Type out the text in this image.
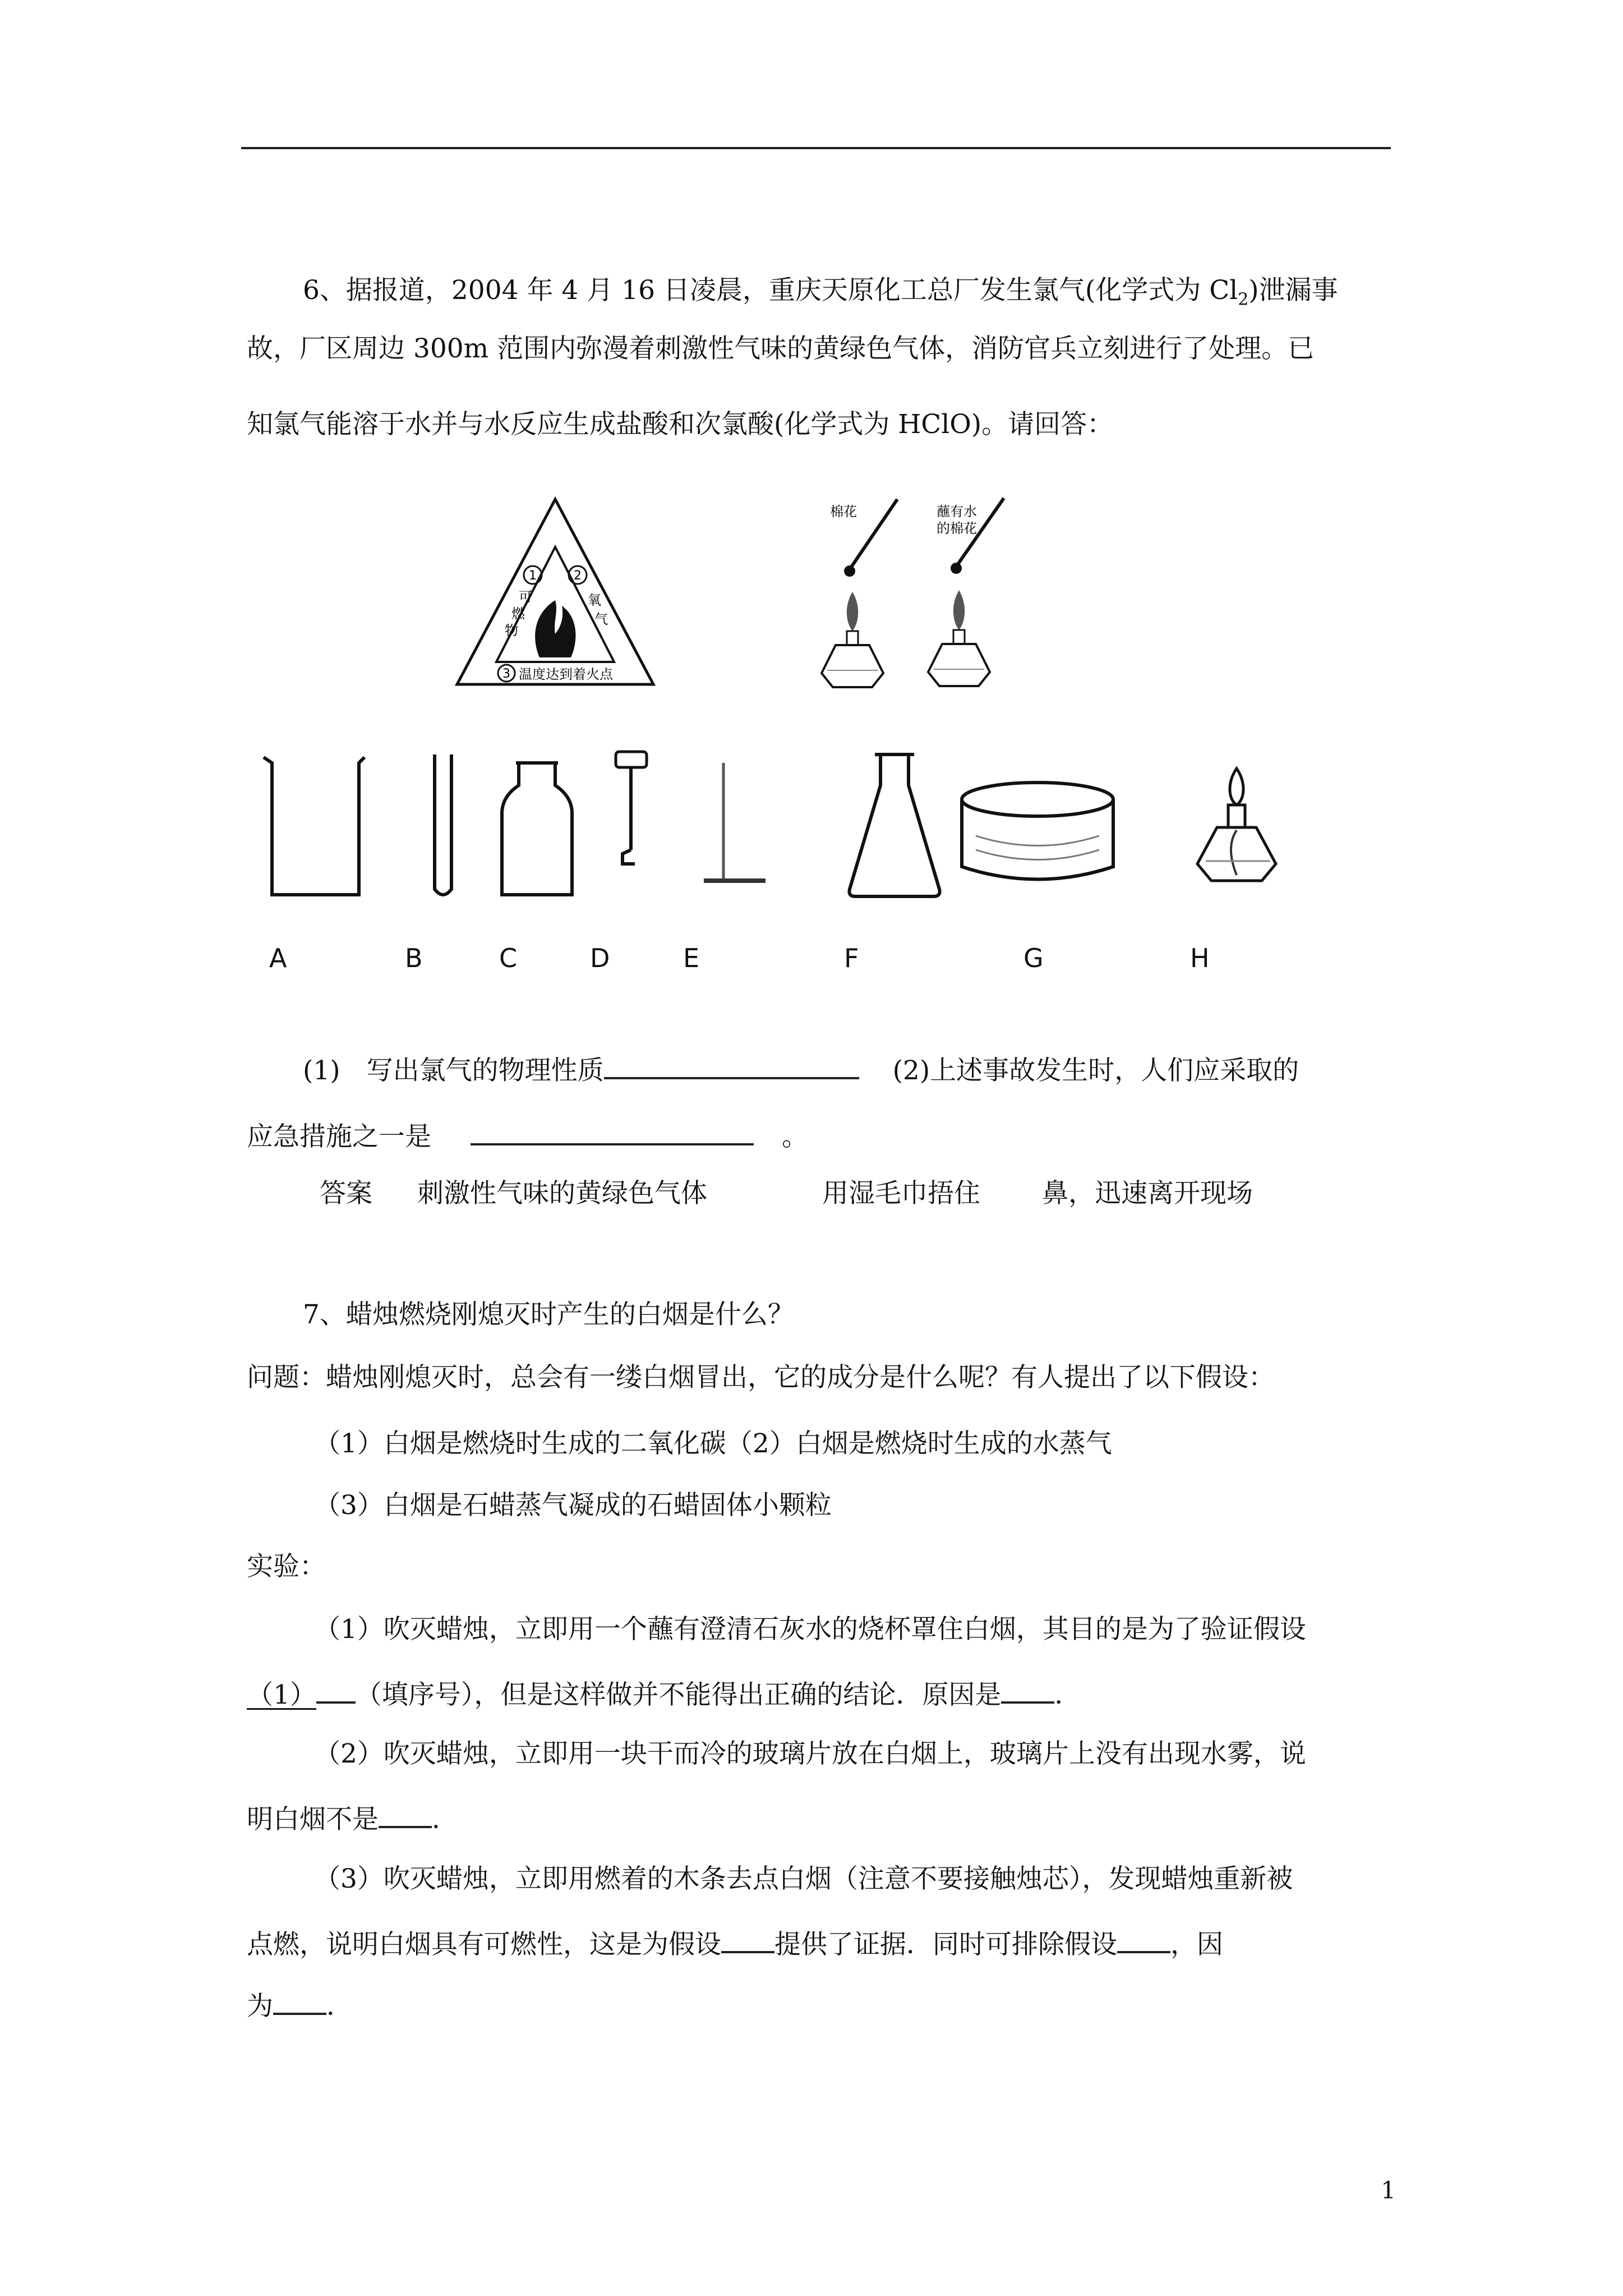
6、据报道，2004 年 4 月 16 日凌晨，重庆天原化工总厂发生氯气(化学式为 $Cl_2$)泄漏事
故，厂区周边 300m 范围内弥漫着刺激性气味的黄绿色气体，消防官兵立刻进行了处理。已
知氯气能溶于水并与水反应生成盐酸和次氯酸(化学式为 HClO)。请回答：
1	2
3
可
燃
物
氧
气
温度达到着火点
棉花	蘸有水
的棉花
A	B	C	D	E	F	G	H
(1)　写出氯气的物理性质	(2)上述事故发生时，人们应采取的
应急措施之一是	。
答案 刺激性气味的黄绿色气体	用湿毛巾捂住 鼻，迅速离开现场
7、蜡烛燃烧刚熄灭时产生的白烟是什么？
问题：蜡烛刚熄灭时，总会有一缕白烟冒出，它的成分是什么呢？有人提出了以下假设：
（1）白烟是燃烧时生成的二氧化碳（2）白烟是燃烧时生成的水蒸气
（3）白烟是石蜡蒸气凝成的石蜡固体小颗粒
实验：
（1）吹灭蜡烛，立即用一个蘸有澄清石灰水的烧杯罩住白烟，其目的是为了验证假设
（1） （填序号），但是这样做并不能得出正确的结论．原因是 ．
（2）吹灭蜡烛，立即用一块干而冷的玻璃片放在白烟上，玻璃片上没有出现水雾，说
明白烟不是 ．
（3）吹灭蜡烛，立即用燃着的木条去点白烟（注意不要接触烛芯），发现蜡烛重新被
点燃，说明白烟具有可燃性，这是为假设 提供了证据．同时可排除假设 ，因
为 ．
1
